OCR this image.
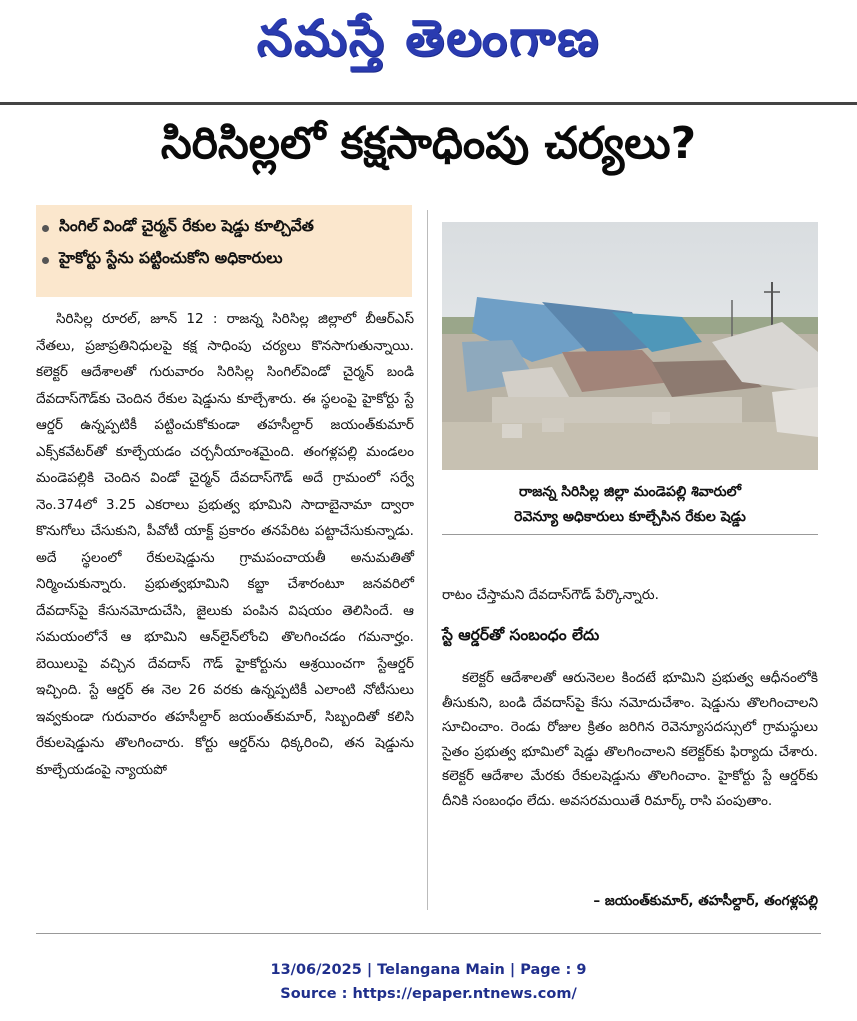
నమస్తే తెలంగాణ
సిరిసిల్లలో కక్షసాధింపు చర్యలు?
సింగిల్ విండో చైర్మన్ రేకుల షెడ్డు కూల్చివేత
హైకోర్టు స్టేను పట్టించుకోని అధికారులు

సిరిసిల్ల రూరల్, జూన్ 12 : రాజన్న సిరిసిల్ల జిల్లాలో బీఆర్ఎస్ నేతలు, ప్రజాప్రతినిధులపై కక్ష సాధింపు చర్యలు కొనసాగుతున్నాయి. కలెక్టర్ ఆదేశాలతో గురువారం సిరిసిల్ల సింగిల్‌విండో చైర్మన్ బండి దేవదాస్‌గౌడ్‌కు చెందిన రేకుల షెడ్డును కూల్చేశారు. ఈ స్థలంపై హైకోర్టు స్టే ఆర్డర్ ఉన్నప్పటికీ పట్టించుకోకుండా తహసీల్దార్ జయంత్‌కుమార్ ఎక్స్‌కవేటర్‌తో కూల్చేయడం చర్చనీయాంశమైంది. తంగళ్లపల్లి మండలం మండెపల్లికి చెందిన విండో చైర్మన్ దేవదాస్‌గౌడ్ అదే గ్రామంలో సర్వే నెం.374లో 3.25 ఎకరాలు ప్రభుత్వ భూమిని సాదాబైనామా ద్వారా కొనుగోలు చేసుకుని, పీవోటీ యాక్ట్ ప్రకారం తనపేరిట పట్టాచేసుకున్నాడు. అదే స్థలంలో రేకులషెడ్డును గ్రామపంచాయతీ అనుమతితో నిర్మించుకున్నారు. ప్రభుత్వభూమిని కబ్జా చేశారంటూ జనవరిలో దేవదాస్‌పై కేసునమోదుచేసి, జైలుకు పంపిన విషయం తెలిసిందే. ఆ సమయంలోనే ఆ భూమిని ఆన్‌లైన్‌లోంచి తొలగించడం గమనార్హం. బెయిలుపై వచ్చిన దేవదాస్ గౌడ్ హైకోర్టును ఆశ్రయించగా స్టేఆర్డర్ ఇచ్చింది. స్టే ఆర్డర్ ఈ నెల 26 వరకు ఉన్నప్పటికీ ఎలాంటి నోటీసులు ఇవ్వకుండా గురువారం తహసీల్దార్ జయంత్‌కుమార్, సిబ్బందితో కలిసి రేకులషెడ్డును తొలగించారు. కోర్టు ఆర్డర్‌ను ధిక్కరించి, తన షెడ్డును కూల్చేయడంపై న్యాయపో

రాజన్న సిరిసిల్ల జిల్లా మండెపల్లి శివారులో
రెవెన్యూ అధికారులు కూల్చేసిన రేకుల షెడ్డు
రాటం చేస్తామని దేవదాస్‌గౌడ్ పేర్కొన్నారు.
స్టే ఆర్డర్‌తో సంబంధం లేదు

కలెక్టర్ ఆదేశాలతో ఆరునెలల కిందటే భూమిని ప్రభుత్వ ఆధీనంలోకి తీసుకుని, బండి దేవదాస్‌పై కేసు నమోదుచేశాం. షెడ్డును తొలగించాలని సూచించాం. రెండు రోజుల క్రితం జరిగిన రెవెన్యూసదస్సులో గ్రామస్థులు సైతం ప్రభుత్వ భూమిలో షెడ్డు తొలగించాలని కలెక్టర్‌కు ఫిర్యాదు చేశారు. కలెక్టర్ ఆదేశాల మేరకు రేకులషెడ్డును తొలగించాం. హైకోర్టు స్టే ఆర్డర్‌కు దీనికి సంబంధం లేదు. అవసరమయితే రిమార్క్ రాసి పంపుతాం.

– జయంత్‌కుమార్, తహసీల్దార్, తంగళ్లపల్లి
13/06/2025 | Telangana Main | Page : 9
Source : https://epaper.ntnews.com/
